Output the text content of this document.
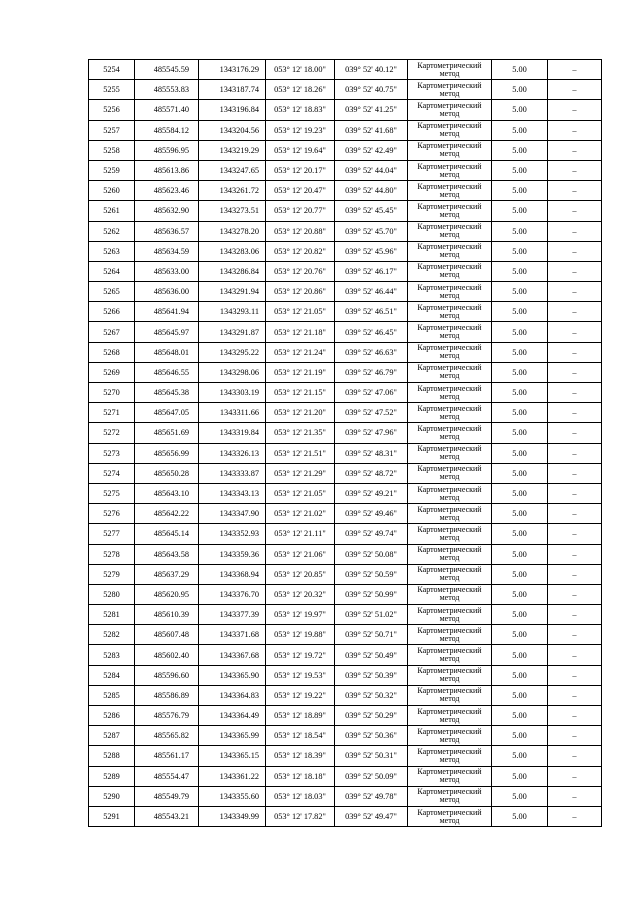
5254	485545.59	1343176.29	053° 12' 18.00"	039° 52' 40.12"	Картометрический метод	5.00	–
5255	485553.83	1343187.74	053° 12' 18.26"	039° 52' 40.75"	Картометрический метод	5.00	–
5256	485571.40	1343196.84	053° 12' 18.83"	039° 52' 41.25"	Картометрический метод	5.00	–
5257	485584.12	1343204.56	053° 12' 19.23"	039° 52' 41.68"	Картометрический метод	5.00	–
5258	485596.95	1343219.29	053° 12' 19.64"	039° 52' 42.49"	Картометрический метод	5.00	–
5259	485613.86	1343247.65	053° 12' 20.17"	039° 52' 44.04"	Картометрический метод	5.00	–
5260	485623.46	1343261.72	053° 12' 20.47"	039° 52' 44.80"	Картометрический метод	5.00	–
5261	485632.90	1343273.51	053° 12' 20.77"	039° 52' 45.45"	Картометрический метод	5.00	–
5262	485636.57	1343278.20	053° 12' 20.88"	039° 52' 45.70"	Картометрический метод	5.00	–
5263	485634.59	1343283.06	053° 12' 20.82"	039° 52' 45.96"	Картометрический метод	5.00	–
5264	485633.00	1343286.84	053° 12' 20.76"	039° 52' 46.17"	Картометрический метод	5.00	–
5265	485636.00	1343291.94	053° 12' 20.86"	039° 52' 46.44"	Картометрический метод	5.00	–
5266	485641.94	1343293.11	053° 12' 21.05"	039° 52' 46.51"	Картометрический метод	5.00	–
5267	485645.97	1343291.87	053° 12' 21.18"	039° 52' 46.45"	Картометрический метод	5.00	–
5268	485648.01	1343295.22	053° 12' 21.24"	039° 52' 46.63"	Картометрический метод	5.00	–
5269	485646.55	1343298.06	053° 12' 21.19"	039° 52' 46.79"	Картометрический метод	5.00	–
5270	485645.38	1343303.19	053° 12' 21.15"	039° 52' 47.06"	Картометрический метод	5.00	–
5271	485647.05	1343311.66	053° 12' 21.20"	039° 52' 47.52"	Картометрический метод	5.00	–
5272	485651.69	1343319.84	053° 12' 21.35"	039° 52' 47.96"	Картометрический метод	5.00	–
5273	485656.99	1343326.13	053° 12' 21.51"	039° 52' 48.31"	Картометрический метод	5.00	–
5274	485650.28	1343333.87	053° 12' 21.29"	039° 52' 48.72"	Картометрический метод	5.00	–
5275	485643.10	1343343.13	053° 12' 21.05"	039° 52' 49.21"	Картометрический метод	5.00	–
5276	485642.22	1343347.90	053° 12' 21.02"	039° 52' 49.46"	Картометрический метод	5.00	–
5277	485645.14	1343352.93	053° 12' 21.11"	039° 52' 49.74"	Картометрический метод	5.00	–
5278	485643.58	1343359.36	053° 12' 21.06"	039° 52' 50.08"	Картометрический метод	5.00	–
5279	485637.29	1343368.94	053° 12' 20.85"	039° 52' 50.59"	Картометрический метод	5.00	–
5280	485620.95	1343376.70	053° 12' 20.32"	039° 52' 50.99"	Картометрический метод	5.00	–
5281	485610.39	1343377.39	053° 12' 19.97"	039° 52' 51.02"	Картометрический метод	5.00	–
5282	485607.48	1343371.68	053° 12' 19.88"	039° 52' 50.71"	Картометрический метод	5.00	–
5283	485602.40	1343367.68	053° 12' 19.72"	039° 52' 50.49"	Картометрический метод	5.00	–
5284	485596.60	1343365.90	053° 12' 19.53"	039° 52' 50.39"	Картометрический метод	5.00	–
5285	485586.89	1343364.83	053° 12' 19.22"	039° 52' 50.32"	Картометрический метод	5.00	–
5286	485576.79	1343364.49	053° 12' 18.89"	039° 52' 50.29"	Картометрический метод	5.00	–
5287	485565.82	1343365.99	053° 12' 18.54"	039° 52' 50.36"	Картометрический метод	5.00	–
5288	485561.17	1343365.15	053° 12' 18.39"	039° 52' 50.31"	Картометрический метод	5.00	–
5289	485554.47	1343361.22	053° 12' 18.18"	039° 52' 50.09"	Картометрический метод	5.00	–
5290	485549.79	1343355.60	053° 12' 18.03"	039° 52' 49.78"	Картометрический метод	5.00	–
5291	485543.21	1343349.99	053° 12' 17.82"	039° 52' 49.47"	Картометрический метод	5.00	–
